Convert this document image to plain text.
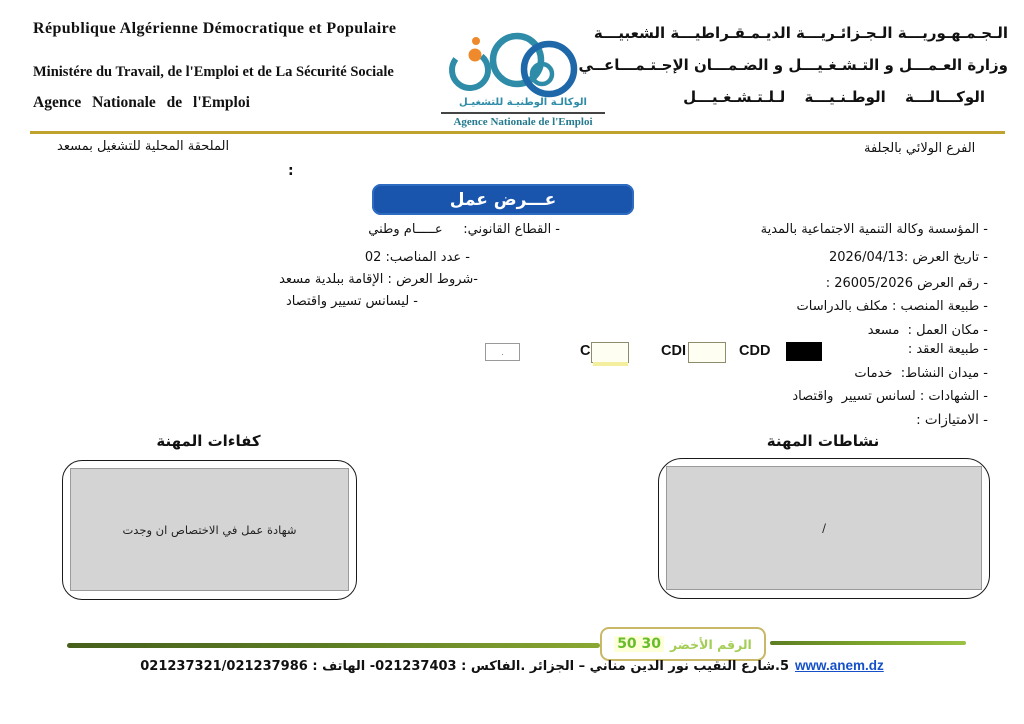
République Algérienne Démocratique et Populaire
Ministére du Travail, de l'Emploi et de La Sécurité Sociale
Agence Nationale de l'Emploi	الوكالـة الوطنيـة للتشغيـل
Agence Nationale de l'Emploi
الـجـمـهـوريـــة الـجـزائـريـــة الديـمـقـراطيـــة الشعبيـــة
وزارة العـمـــل و التـشـغـيـــل و الضـمـــان الإجـتـمـــاعــي
الوكـــالـــة الوطـنـيـــة لـلـتـشـغـيـــل
الملحقة المحلية للتشغيل بمسعد	الفرع الولائي بالجلفة
:
عـــرض عمل
- المؤسسة وكالة التنمية الاجتماعية بالمدية
- تاريخ العرض :2026/04/13
- رقم العرض 26005/2026 :
- طبيعة المنصب : مكلف بالدراسات
- مكان العمل :  مسعد
- طبيعة العقد :
- ميدان النشاط:  خدمات
- الشهادات : لسانس تسيير  واقتصاد
- الامتيازات :
- القطاع القانوني:     عـــــام وطني
- عدد المناصب: 02
-شروط العرض : الإقامة ببلدية مسعد
- ليسانس تسيير واقتصاد
CDD
CDI
C
.
كفاءات المهنة
شهادة عمل في الاختصاص ان وجدت
نشاطات المهنة
/
الرقم الأخضر
30 50
www.anem.dz
5.شارع النقيب نور الدين مناني – الجزائر .الفاكس : 021237403- الهاتف : 021237321/021237986
